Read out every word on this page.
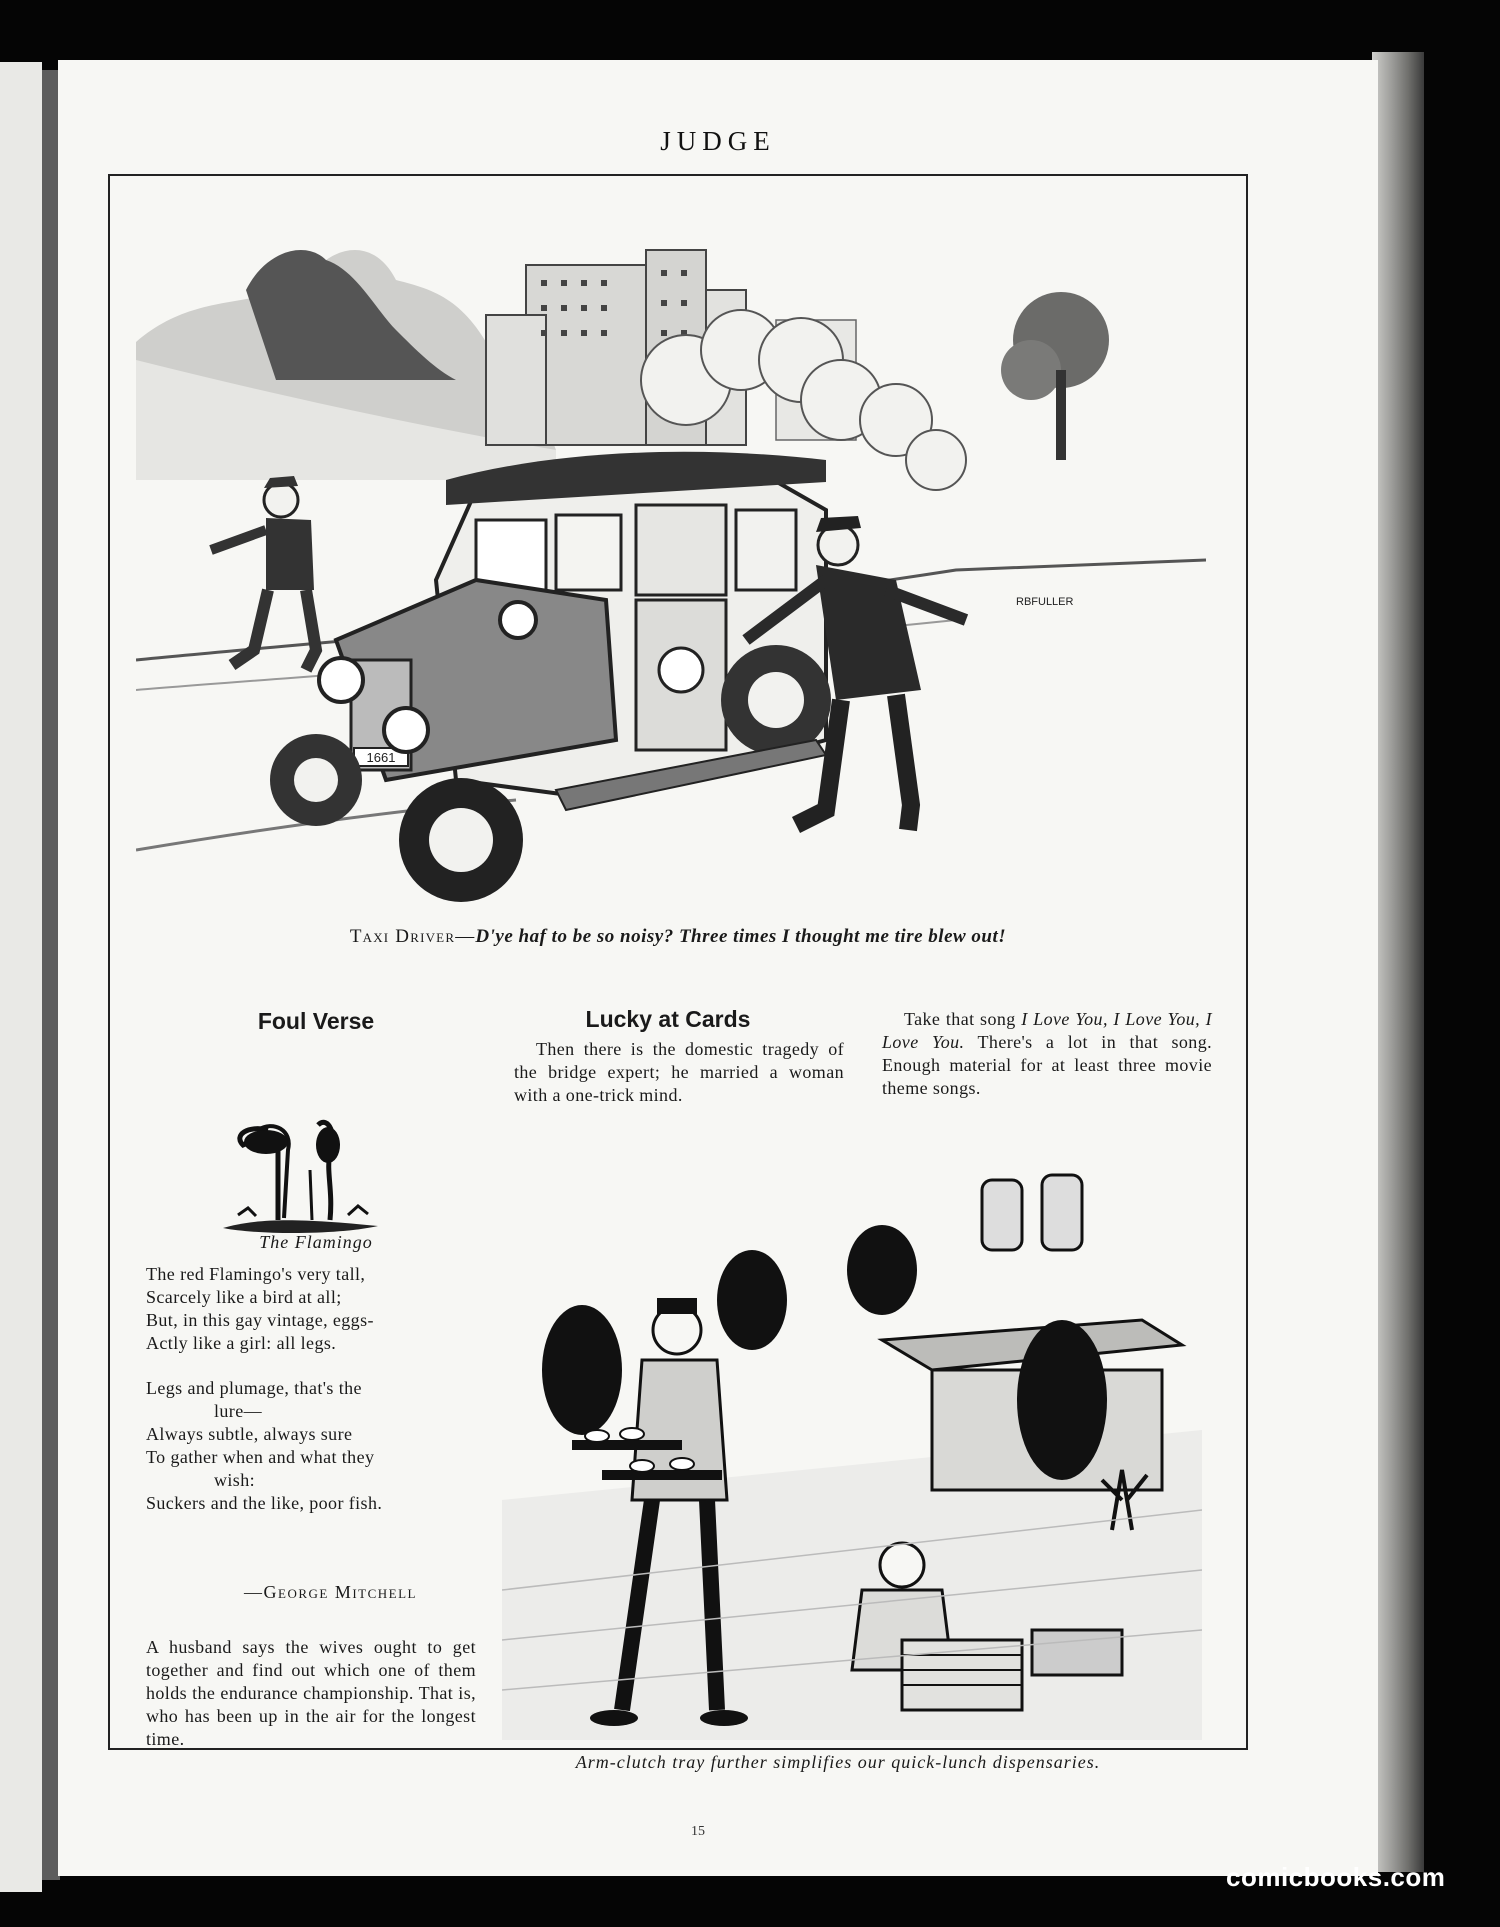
JUDGE
1661
RBFULLER
Taxi Driver—D'ye haf to be so noisy? Three times I thought me tire blew out!
Foul Verse
The Flamingo
The red Flamingo's very tall,
Scarcely like a bird at all;
But, in this gay vintage, eggs-
Actly like a girl: all legs.
Legs and plumage, that's the
lure—
Always subtle, always sure
To gather when and what they
wish:
Suckers and the like, poor fish.
—George Mitchell
A husband says the wives ought to get together and find out which one of them holds the endurance championship. That is, who has been up in the air for the longest time.
Lucky at Cards
Then there is the domestic tragedy of the bridge expert; he married a woman with a one-trick mind.
Take that song I Love You, I Love You, I Love You. There's a lot in that song. Enough material for at least three movie theme songs.
Arm-clutch tray further simplifies our quick-lunch dispensaries.
15
comicbooks.com
